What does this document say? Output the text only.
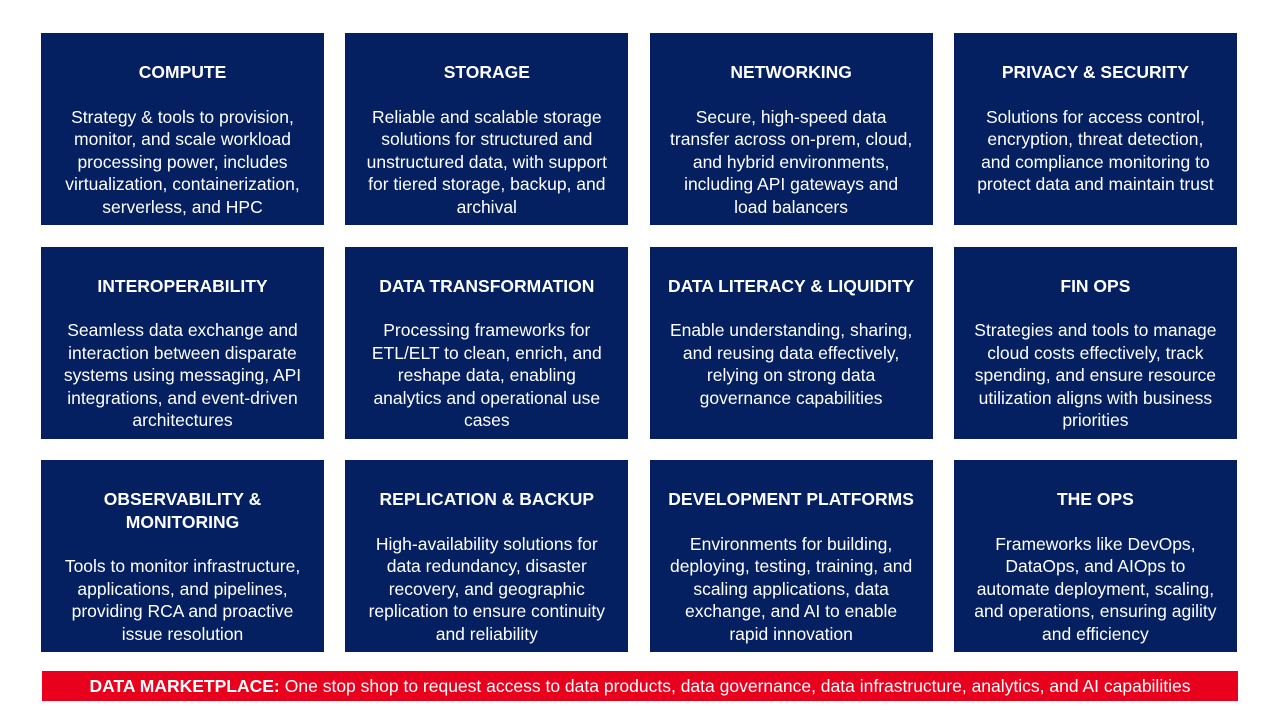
COMPUTE
Strategy & tools to provision,
monitor, and scale workload
processing power, includes
virtualization, containerization,
serverless, and HPC
STORAGE
Reliable and scalable storage
solutions for structured and
unstructured data, with support
for tiered storage, backup, and
archival
NETWORKING
Secure, high-speed data
transfer across on-prem, cloud,
and hybrid environments,
including API gateways and
load balancers
PRIVACY & SECURITY
Solutions for access control,
encryption, threat detection,
and compliance monitoring to
protect data and maintain trust
INTEROPERABILITY
Seamless data exchange and
interaction between disparate
systems using messaging, API
integrations, and event-driven
architectures
DATA TRANSFORMATION
Processing frameworks for
ETL/ELT to clean, enrich, and
reshape data, enabling
analytics and operational use
cases
DATA LITERACY & LIQUIDITY
Enable understanding, sharing,
and reusing data effectively,
relying on strong data
governance capabilities
FIN OPS
Strategies and tools to manage
cloud costs effectively, track
spending, and ensure resource
utilization aligns with business
priorities
OBSERVABILITY &
MONITORING
Tools to monitor infrastructure,
applications, and pipelines,
providing RCA and proactive
issue resolution
REPLICATION & BACKUP
High-availability solutions for
data redundancy, disaster
recovery, and geographic
replication to ensure continuity
and reliability
DEVELOPMENT PLATFORMS
Environments for building,
deploying, testing, training, and
scaling applications, data
exchange, and AI to enable
rapid innovation
THE OPS
Frameworks like DevOps,
DataOps, and AIOps to
automate deployment, scaling,
and operations, ensuring agility
and efficiency
DATA MARKETPLACE: One stop shop to request access to data products, data governance, data infrastructure, analytics, and AI capabilities
